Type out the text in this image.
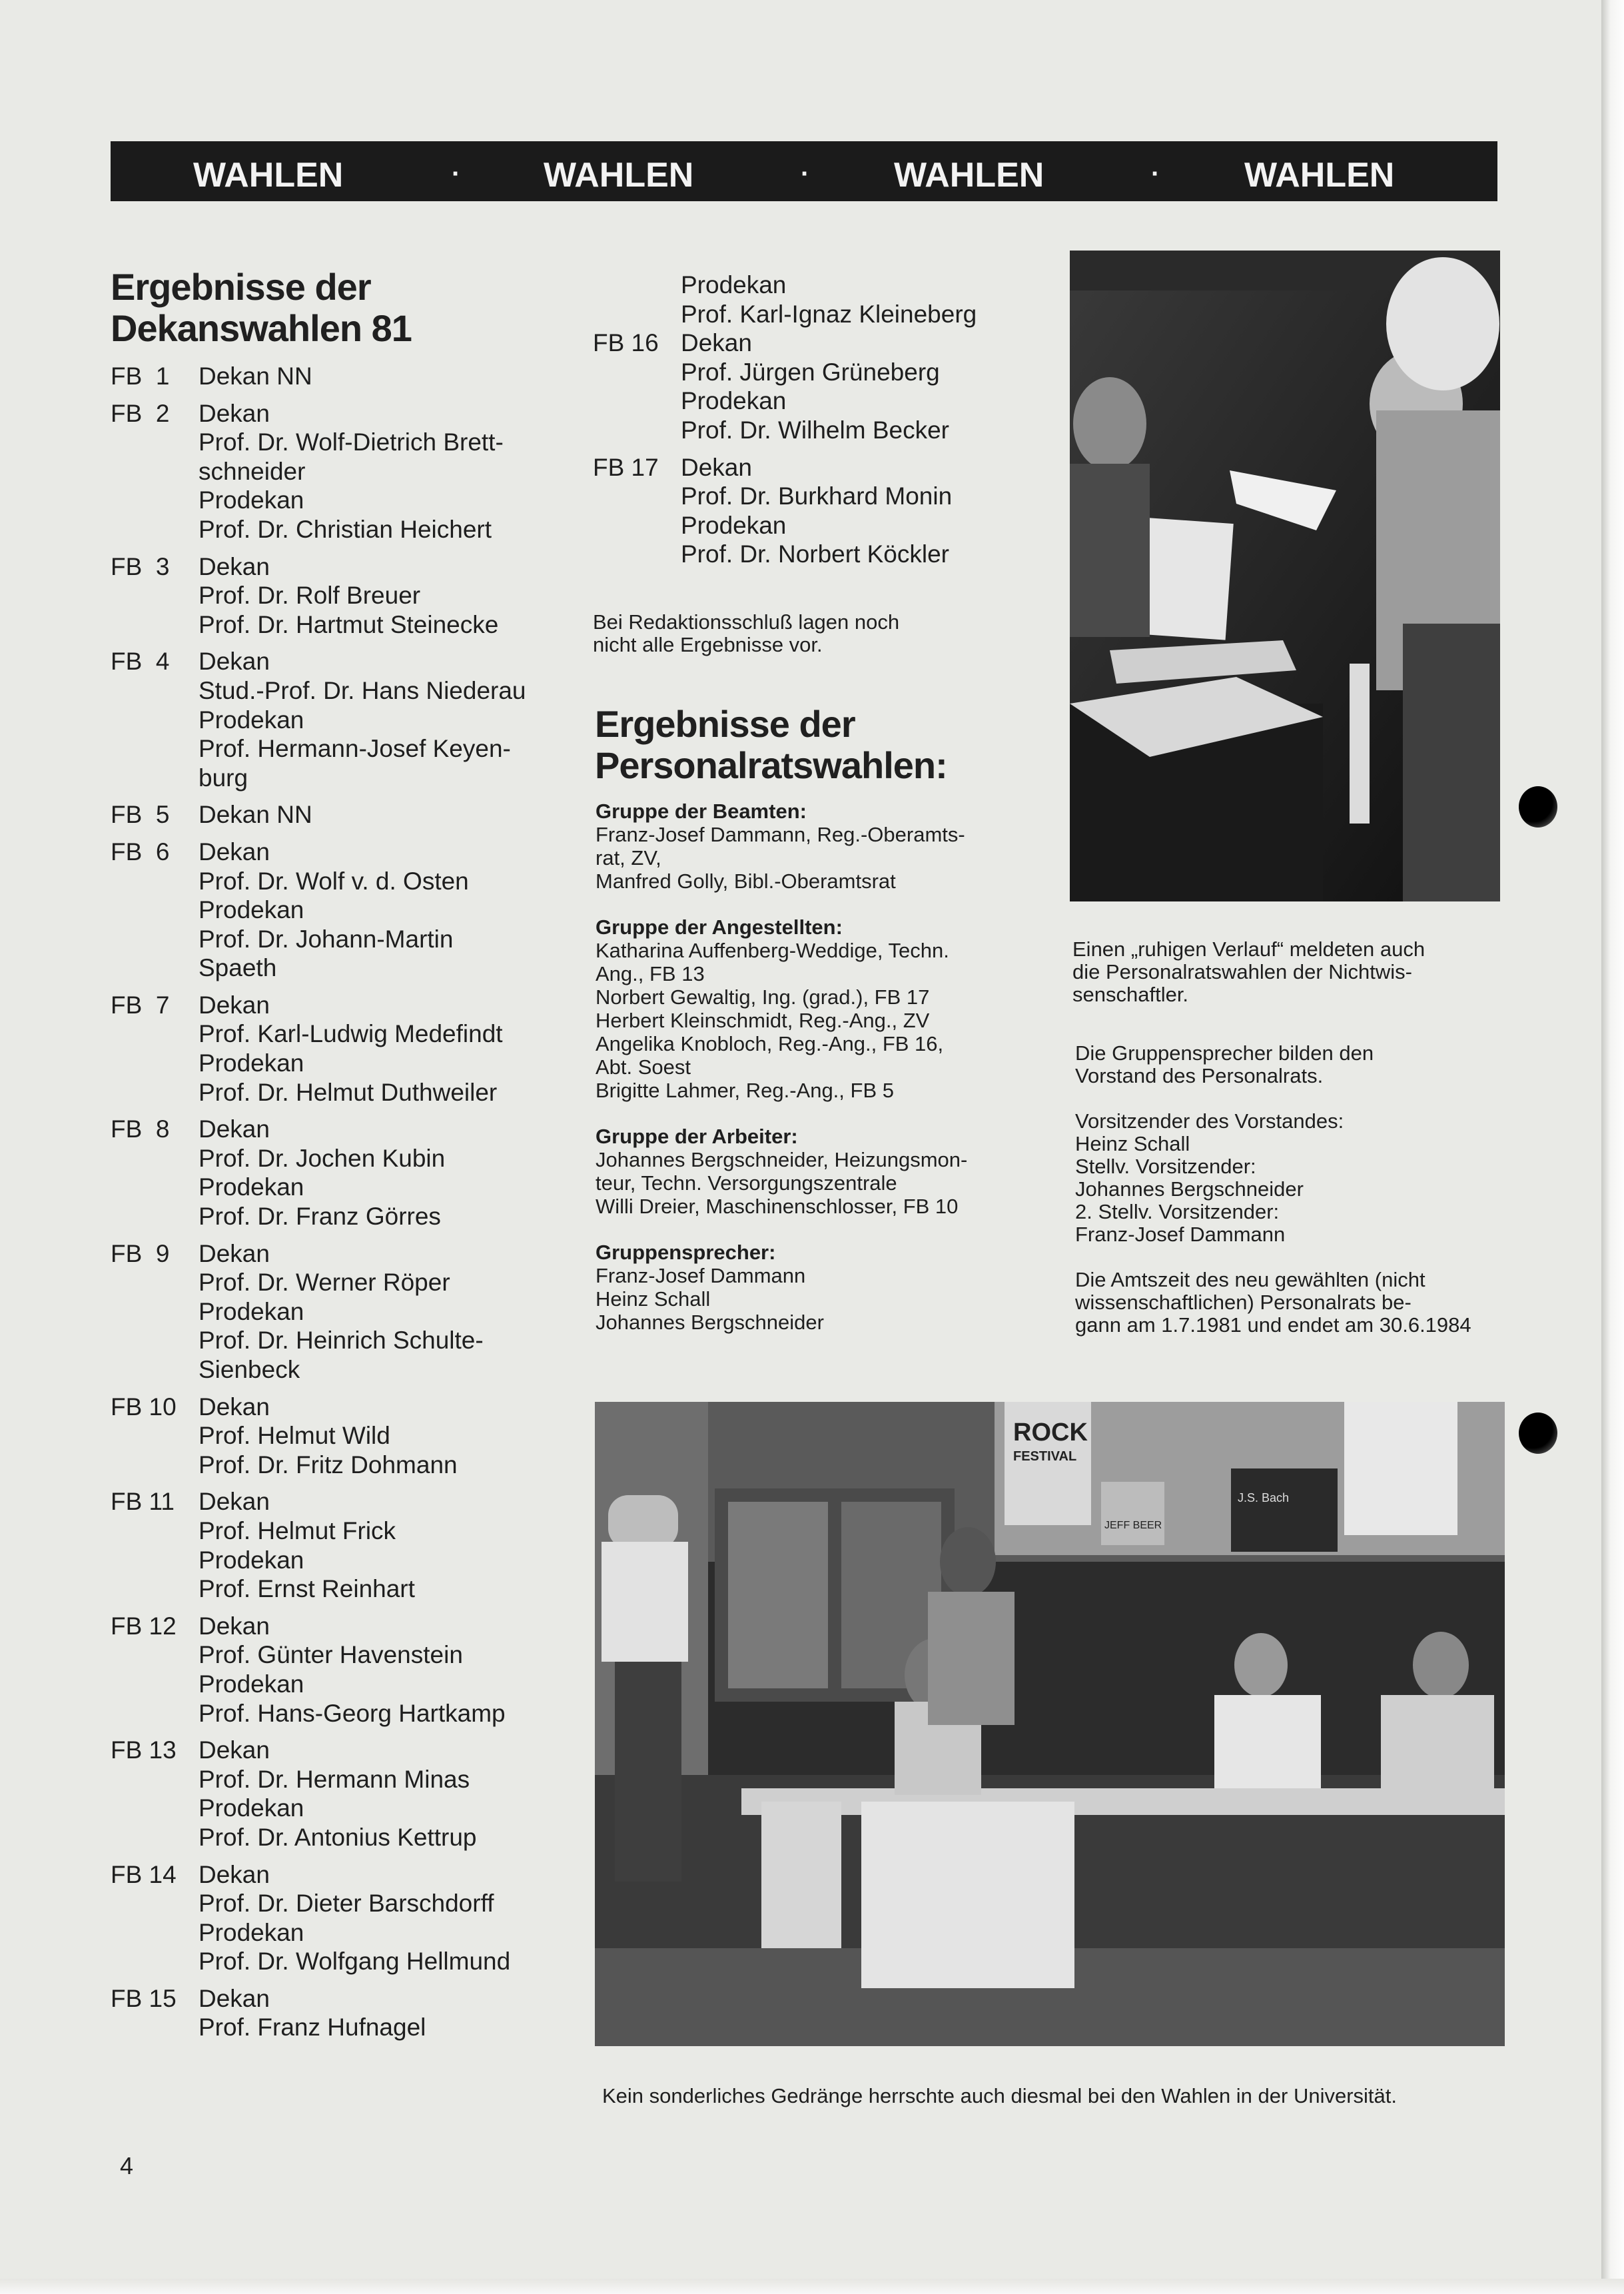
WAHLEN	· WAHLEN	· WAHLEN	· WAHLEN
Ergebnisse der
Dekanswahlen 81
FB  1	Dekan NN
FB  2	Dekan
Prof. Dr. Wolf-Dietrich Brett-
schneider
Prodekan
Prof. Dr. Christian Heichert
FB  3	Dekan
Prof. Dr. Rolf Breuer
Prof. Dr. Hartmut Steinecke
FB  4	Dekan
Stud.-Prof. Dr. Hans Niederau
Prodekan
Prof. Hermann-Josef Keyen-
burg
FB  5	Dekan NN
FB  6	Dekan
Prof. Dr. Wolf v. d. Osten
Prodekan
Prof. Dr. Johann-Martin
Spaeth
FB  7	Dekan
Prof. Karl-Ludwig Medefindt
Prodekan
Prof. Dr. Helmut Duthweiler
FB  8	Dekan
Prof. Dr. Jochen Kubin
Prodekan
Prof. Dr. Franz Görres
FB  9	Dekan
Prof. Dr. Werner Röper
Prodekan
Prof. Dr. Heinrich Schulte-
Sienbeck
FB 10 Dekan
Prof. Helmut Wild
Prof. Dr. Fritz Dohmann
FB 11 Dekan
Prof. Helmut Frick
Prodekan
Prof. Ernst Reinhart
FB 12 Dekan
Prof. Günter Havenstein
Prodekan
Prof. Hans-Georg Hartkamp
FB 13 Dekan
Prof. Dr. Hermann Minas
Prodekan
Prof. Dr. Antonius Kettrup
FB 14 Dekan
Prof. Dr. Dieter Barschdorff
Prodekan
Prof. Dr. Wolfgang Hellmund
FB 15 Dekan
Prof. Franz Hufnagel
Prodekan
Prof. Karl-Ignaz Kleineberg
FB 16 Dekan
Prof. Jürgen Grüneberg
Prodekan
Prof. Dr. Wilhelm Becker
FB 17 Dekan
Prof. Dr. Burkhard Monin
Prodekan
Prof. Dr. Norbert Köckler
Bei Redaktionsschluß lagen noch
nicht alle Ergebnisse vor.
Ergebnisse der
Personalratswahlen:
Gruppe der Beamten:
Franz-Josef Dammann, Reg.-Oberamts-
rat, ZV,
Manfred Golly, Bibl.-Oberamtsrat
Gruppe der Angestellten:
Katharina Auffenberg-Weddige, Techn.
Ang., FB 13
Norbert Gewaltig, Ing. (grad.), FB 17
Herbert Kleinschmidt, Reg.-Ang., ZV
Angelika Knobloch, Reg.-Ang., FB 16,
Abt. Soest
Brigitte Lahmer, Reg.-Ang., FB 5
Gruppe der Arbeiter:
Johannes Bergschneider, Heizungsmon-
teur, Techn. Versorgungszentrale
Willi Dreier, Maschinenschlosser, FB 10
Gruppensprecher:
Franz-Josef Dammann
Heinz Schall
Johannes Bergschneider
Einen „ruhigen Verlauf“ meldeten auch
die Personalratswahlen der Nichtwis-
senschaftler.

Die Gruppensprecher bilden den
Vorstand des Personalrats.

Vorsitzender des Vorstandes:
Heinz Schall
Stellv. Vorsitzender:
Johannes Bergschneider
2. Stellv. Vorsitzender:
Franz-Josef Dammann

Die Amtszeit des neu gewählten (nicht
wissenschaftlichen) Personalrats be-
gann am 1.7.1981 und endet am 30.6.1984

ROCK
FESTIVAL
JEFF BEER
J.S. Bach
Kein sonderliches Gedränge herrschte auch diesmal bei den Wahlen in der Universität.
4
